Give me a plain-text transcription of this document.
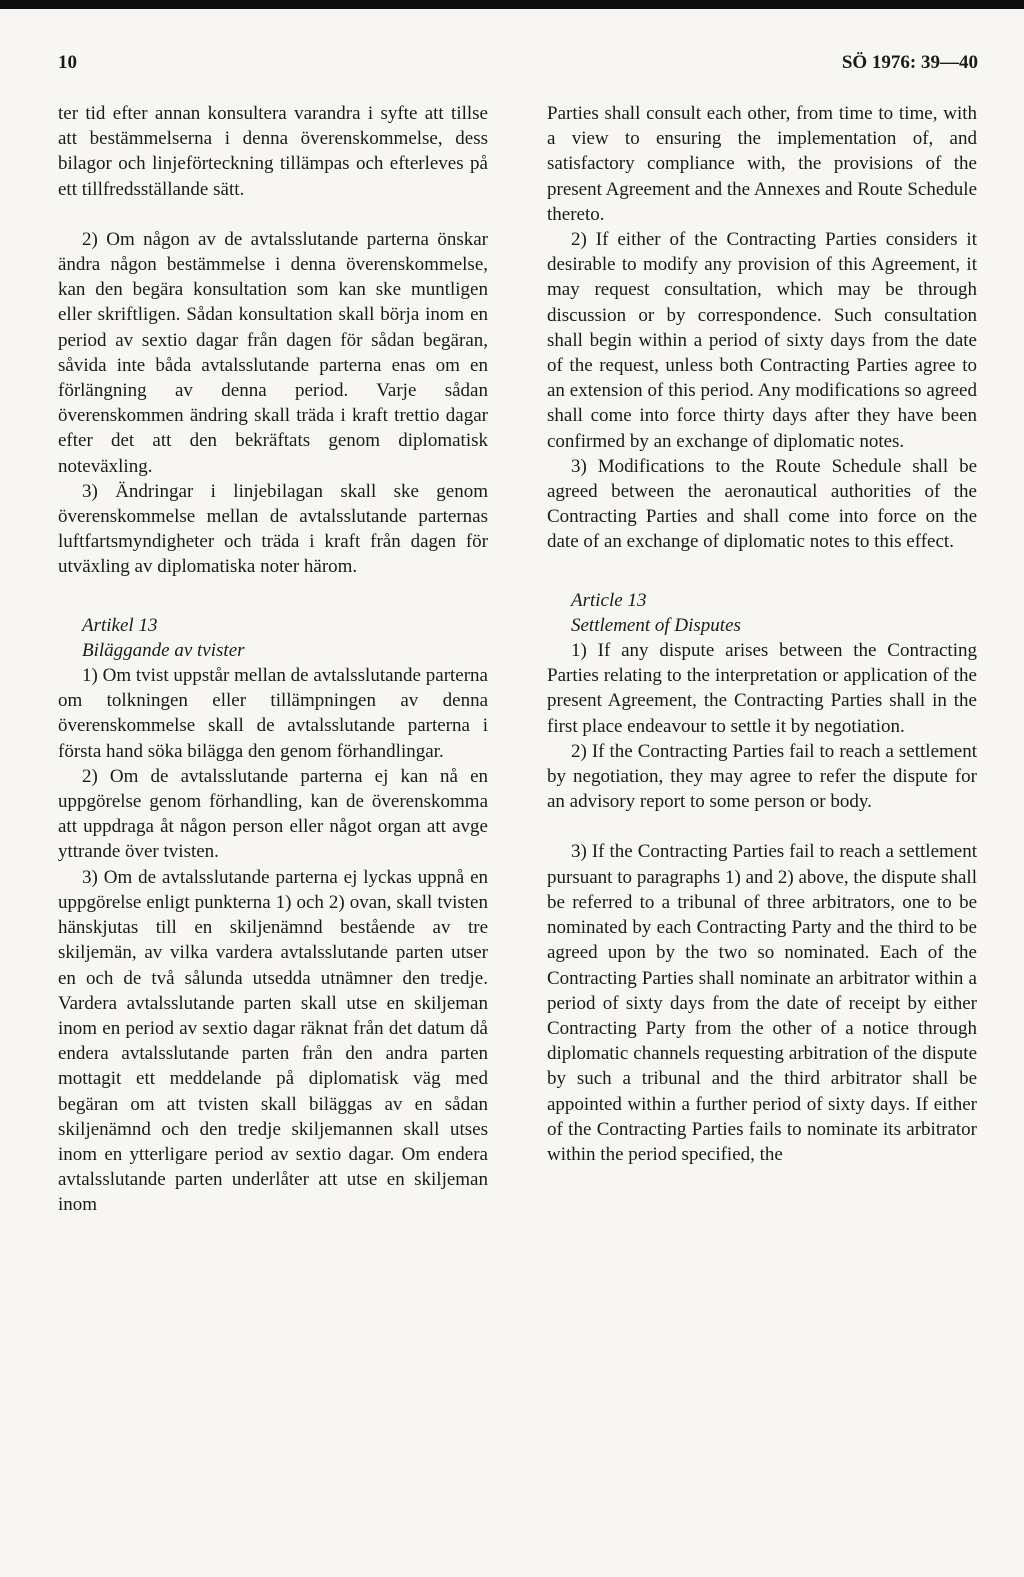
10	SÖ 1976: 39—40

ter tid efter annan konsultera varandra i syfte att tillse att bestämmelserna i denna överenskommelse, dess bilagor och linjeförteckning tillämpas och efterleves på ett tillfredsställande sätt.

2) Om någon av de avtalsslutande parterna önskar ändra någon bestämmelse i denna överenskommelse, kan den begära konsultation som kan ske muntligen eller skriftligen. Sådan konsultation skall börja inom en period av sextio dagar från dagen för sådan begäran, såvida inte båda avtalsslutande parterna enas om en förlängning av denna period. Varje sådan överenskommen ändring skall träda i kraft trettio dagar efter det att den bekräftats genom diplomatisk noteväxling.

3) Ändringar i linjebilagan skall ske genom överenskommelse mellan de avtalsslutande parternas luftfartsmyndigheter och träda i kraft från dagen för utväxling av diplomatiska noter härom.

Artikel 13

Biläggande av tvister

1) Om tvist uppstår mellan de avtalsslutande parterna om tolkningen eller tillämpningen av denna överenskommelse skall de avtalsslutande parterna i första hand söka bilägga den genom förhandlingar.

2) Om de avtalsslutande parterna ej kan nå en uppgörelse genom förhandling, kan de överenskomma att uppdraga åt någon person eller något organ att avge yttrande över tvisten.

3) Om de avtalsslutande parterna ej lyckas uppnå en uppgörelse enligt punkterna 1) och 2) ovan, skall tvisten hänskjutas till en skiljenämnd bestående av tre skiljemän, av vilka vardera avtalsslutande parten utser en och de två sålunda utsedda utnämner den tredje. Vardera avtalsslutande parten skall utse en skiljeman inom en period av sextio dagar räknat från det datum då endera avtalsslutande parten från den andra parten mottagit ett meddelande på diplomatisk väg med begäran om att tvisten skall biläggas av en sådan skiljenämnd och den tredje skiljemannen skall utses inom en ytterligare period av sextio dagar. Om endera avtalsslutande parten underlåter att utse en skiljeman inom

Parties shall consult each other, from time to time, with a view to ensuring the implementation of, and satisfactory compliance with, the provisions of the present Agreement and the Annexes and Route Schedule thereto.

2) If either of the Contracting Parties considers it desirable to modify any provision of this Agreement, it may request consultation, which may be through discussion or by correspondence. Such consultation shall begin within a period of sixty days from the date of the request, unless both Contracting Parties agree to an extension of this period. Any modifications so agreed shall come into force thirty days after they have been confirmed by an exchange of diplomatic notes.

3) Modifications to the Route Schedule shall be agreed between the aeronautical authorities of the Contracting Parties and shall come into force on the date of an exchange of diplomatic notes to this effect.

Article 13

Settlement of Disputes

1) If any dispute arises between the Contracting Parties relating to the interpretation or application of the present Agreement, the Contracting Parties shall in the first place endeavour to settle it by negotiation.

2) If the Contracting Parties fail to reach a settlement by negotiation, they may agree to refer the dispute for an advisory report to some person or body.

3) If the Contracting Parties fail to reach a settlement pursuant to paragraphs 1) and 2) above, the dispute shall be referred to a tribunal of three arbitrators, one to be nominated by each Contracting Party and the third to be agreed upon by the two so nominated. Each of the Contracting Parties shall nominate an arbitrator within a period of sixty days from the date of receipt by either Contracting Party from the other of a notice through diplomatic channels requesting arbitration of the dispute by such a tribunal and the third arbitrator shall be appointed within a further period of sixty days. If either of the Contracting Parties fails to nominate its arbitrator within the period specified, the
